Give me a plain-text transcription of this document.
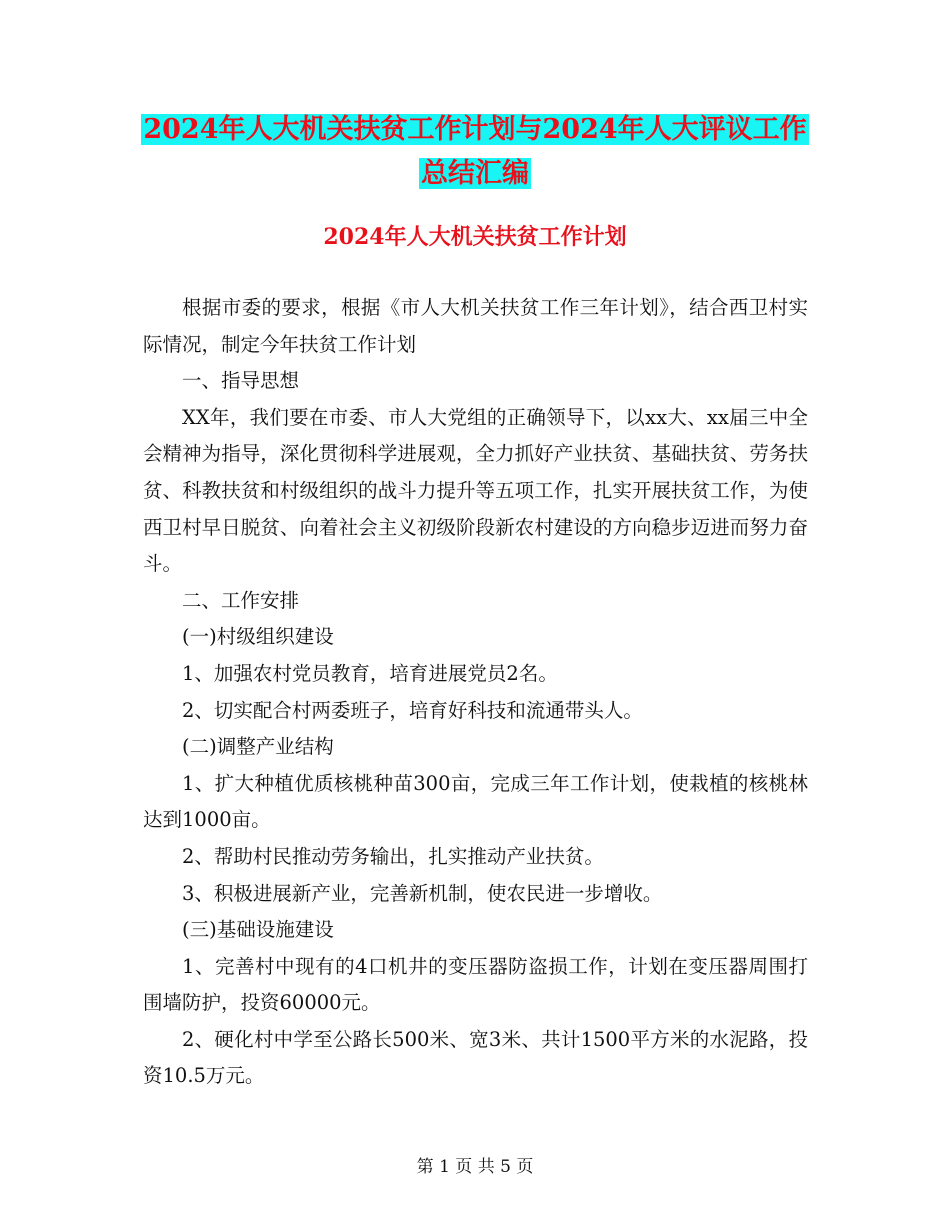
2024年人大机关扶贫工作计划与2024年人大评议工作
总结汇编
2024年人大机关扶贫工作计划

根据市委的要求，根据《市人大机关扶贫工作三年计划》，结合西卫村实际情况，制定今年扶贫工作计划

一、指导思想

XX年，我们要在市委、市人大党组的正确领导下，以xx大、xx届三中全会精神为指导，深化贯彻科学进展观，全力抓好产业扶贫、基础扶贫、劳务扶贫、科教扶贫和村级组织的战斗力提升等五项工作，扎实开展扶贫工作，为使西卫村早日脱贫、向着社会主义初级阶段新农村建设的方向稳步迈进而努力奋斗。

二、工作安排

(一)村级组织建设

1、加强农村党员教育，培育进展党员2名。

2、切实配合村两委班子，培育好科技和流通带头人。

(二)调整产业结构

1、扩大种植优质核桃种苗300亩，完成三年工作计划，使栽植的核桃林达到1000亩。

2、帮助村民推动劳务输出，扎实推动产业扶贫。

3、积极进展新产业，完善新机制，使农民进一步增收。

(三)基础设施建设

1、完善村中现有的4口机井的变压器防盗损工作，计划在变压器周围打围墙防护，投资60000元。

2、硬化村中学至公路长500米、宽3米、共计1500平方米的水泥路，投资10.5万元。

第 1 页 共 5 页
